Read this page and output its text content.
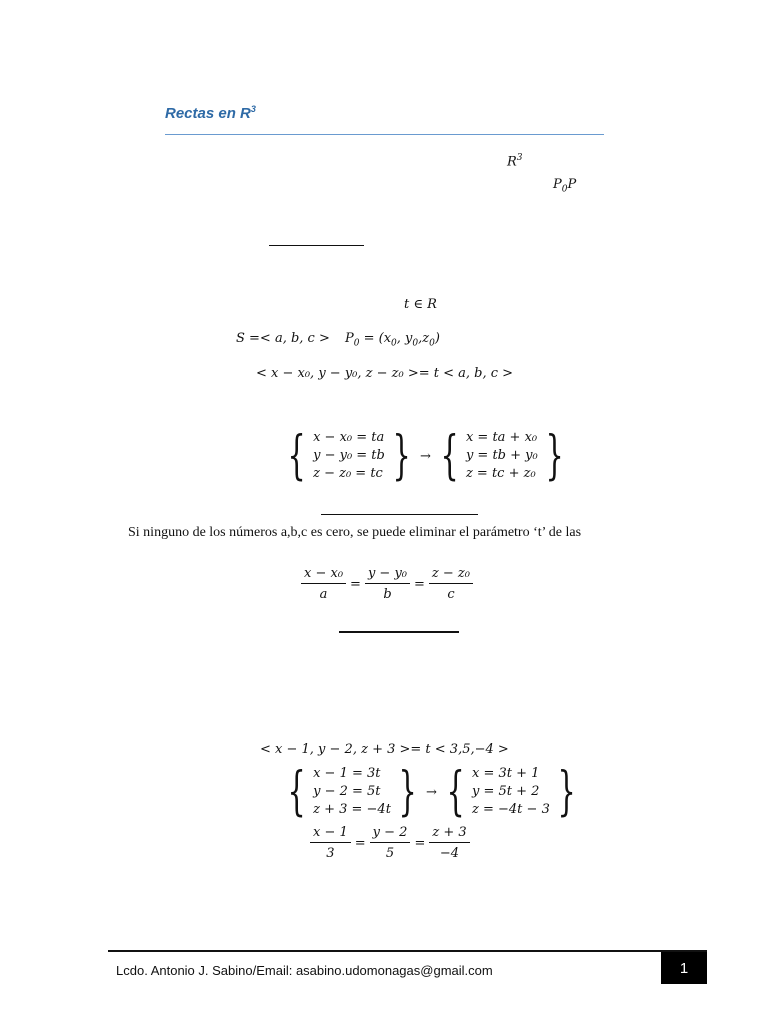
Rectas en $R^3$
$R^3$
$P_0P$
t ∈ R
S =< a, b, $c > P_0 = (x_0$, $y_0,z_0$)
< x − x₀, y − y₀, z − z₀ >= t < a, b, c >
{ x − x₀ = ta
y − y₀ = tb
z − z₀ = tc } → { x = ta + x₀
y = tb + y₀
z = tc + z₀ }
Si ninguno de los números a,b,c es cero, se puede eliminar el parámetro ‘t’ de las
$\frac{\text{x − x₀}}{a} = \frac{\text{y − y₀}}{b} = \frac{\text{z − z₀}}{c}$
< x − 1, y − 2, z + 3 >= t < 3,5,−4 >
{ x − 1 = 3t
y − 2 = 5t
z + 3 = −4t } → { x = 3t + 1
y = 5t + 2
z = −4t − 3 }
$\frac{x - 1}{3} = \frac{y - 2}{5} = \frac{z + 3}{-4}$
Lcdo. Antonio J. Sabino/Email: asabino.udomonagas@gmail.com	1
